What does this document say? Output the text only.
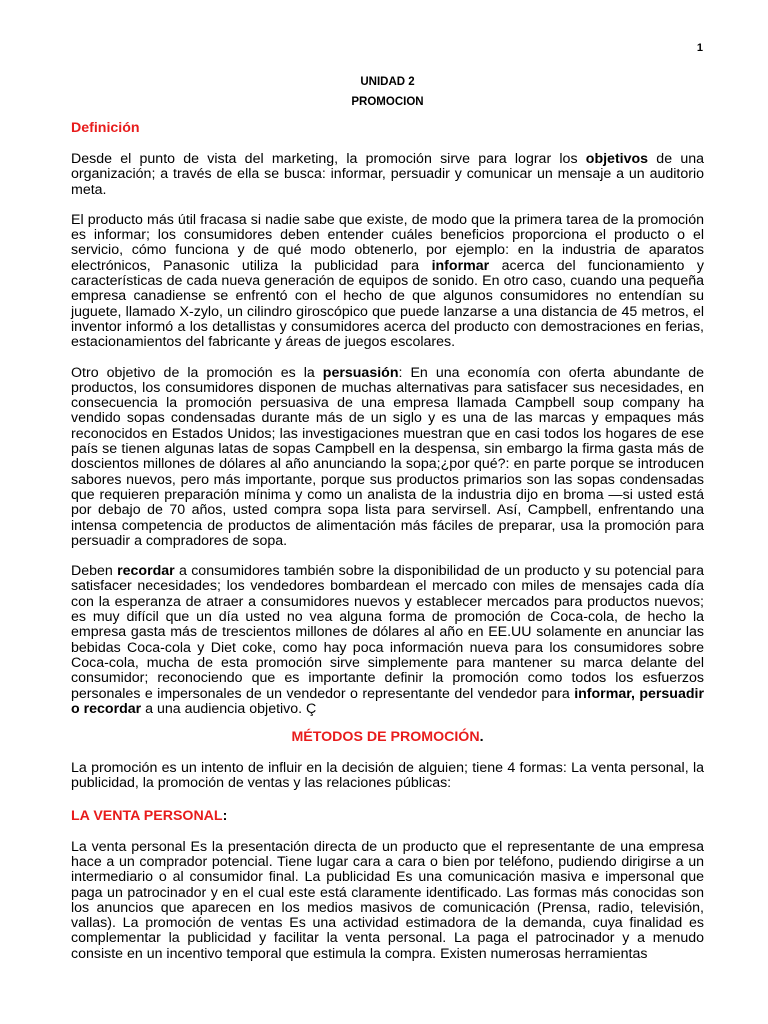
1
UNIDAD 2
PROMOCION
Definición

Desde el punto de vista del marketing, la promoción sirve para lograr los objetivos de una organización; a través de ella se busca: informar, persuadir y comunicar un mensaje a un auditorio meta.

El producto más útil fracasa si nadie sabe que existe, de modo que la primera tarea de la promoción es informar; los consumidores deben entender cuáles beneficios proporciona el producto o el servicio, cómo funciona y de qué modo obtenerlo, por ejemplo: en la industria de aparatos electrónicos, Panasonic utiliza la publicidad para informar acerca del funcionamiento y características de cada nueva generación de equipos de sonido. En otro caso, cuando una pequeña empresa canadiense se enfrentó con el hecho de que algunos consumidores no entendían su juguete, llamado X-zylo, un cilindro giroscópico que puede lanzarse a una distancia de 45 metros, el inventor informó a los detallistas y consumidores acerca del producto con demostraciones en ferias, estacionamientos del fabricante y áreas de juegos escolares.

Otro objetivo de la promoción es la persuasión: En una economía con oferta abundante de productos, los consumidores disponen de muchas alternativas para satisfacer sus necesidades, en consecuencia la promoción persuasiva de una empresa llamada Campbell soup company ha vendido sopas condensadas durante más de un siglo y es una de las marcas y empaques más reconocidos en Estados Unidos; las investigaciones muestran que en casi todos los hogares de ese país se tienen algunas latas de sopas Campbell en la despensa, sin embargo la firma gasta más de doscientos millones de dólares al año anunciando la sopa;¿por qué?: en parte porque se introducen sabores nuevos, pero más importante, porque sus productos primarios son las sopas condensadas que requieren preparación mínima y como un analista de la industria dijo en broma ―si usted está por debajo de 70 años, usted compra sopa lista para servirse‖. Así, Campbell, enfrentando una intensa competencia de productos de alimentación más fáciles de preparar, usa la promoción para persuadir a compradores de sopa.

Deben recordar a consumidores también sobre la disponibilidad de un producto y su potencial para satisfacer necesidades; los vendedores bombardean el mercado con miles de mensajes cada día con la esperanza de atraer a consumidores nuevos y establecer mercados para productos nuevos; es muy difícil que un día usted no vea alguna forma de promoción de Coca-cola, de hecho la empresa gasta más de trescientos millones de dólares al año en EE.UU solamente en anunciar las bebidas Coca-cola y Diet coke, como hay poca información nueva para los consumidores sobre Coca-cola, mucha de esta promoción sirve simplemente para mantener su marca delante del consumidor; reconociendo que es importante definir la promoción como todos los esfuerzos personales e impersonales de un vendedor o representante del vendedor para informar, persuadir o recordar a una audiencia objetivo. Ç

MÉTODOS DE PROMOCIÓN.

La promoción es un intento de influir en la decisión de alguien; tiene 4 formas: La venta personal, la publicidad, la promoción de ventas y las relaciones públicas:

LA VENTA PERSONAL:

La venta personal Es la presentación directa de un producto que el representante de una empresa hace a un comprador potencial. Tiene lugar cara a cara o bien por teléfono, pudiendo dirigirse a un intermediario o al consumidor final. La publicidad Es una comunicación masiva e impersonal que paga un patrocinador y en el cual este está claramente identificado. Las formas más conocidas son los anuncios que aparecen en los medios masivos de comunicación (Prensa, radio, televisión, vallas). La promoción de ventas Es una actividad estimadora de la demanda, cuya finalidad es complementar la publicidad y facilitar la venta personal. La paga el patrocinador y a menudo consiste en un incentivo temporal que estimula la compra. Existen numerosas herramientas
